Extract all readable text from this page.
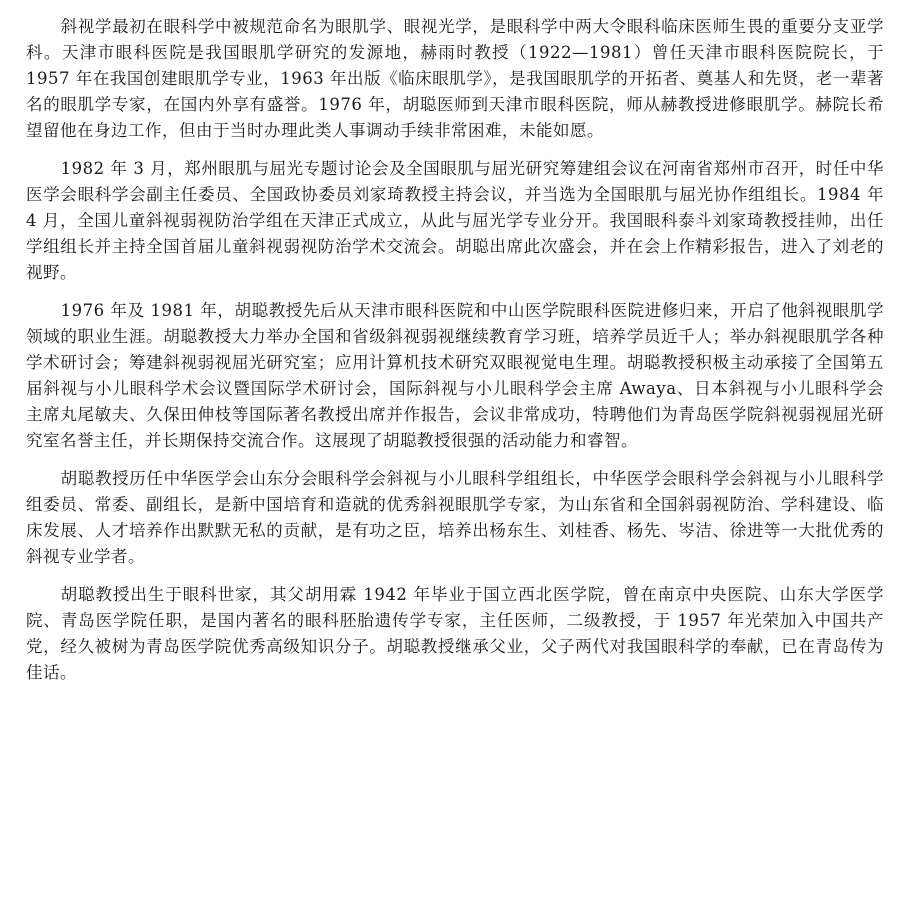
斜视学最初在眼科学中被规范命名为眼肌学、眼视光学，是眼科学中两大令眼科临床医师生畏的重要分支亚学科。天津市眼科医院是我国眼肌学研究的发源地，赫雨时教授（1922—1981）曾任天津市眼科医院院长，于 1957 年在我国创建眼肌学专业，1963 年出版《临床眼肌学》，是我国眼肌学的开拓者、奠基人和先贤，老一辈著名的眼肌学专家，在国内外享有盛誉。1976 年，胡聪医师到天津市眼科医院，师从赫教授进修眼肌学。赫院长希望留他在身边工作，但由于当时办理此类人事调动手续非常困难，未能如愿。

1982 年 3 月，郑州眼肌与屈光专题讨论会及全国眼肌与屈光研究筹建组会议在河南省郑州市召开，时任中华医学会眼科学会副主任委员、全国政协委员刘家琦教授主持会议，并当选为全国眼肌与屈光协作组组长。1984 年 4 月，全国儿童斜视弱视防治学组在天津正式成立，从此与屈光学专业分开。我国眼科泰斗刘家琦教授挂帅，出任学组组长并主持全国首届儿童斜视弱视防治学术交流会。胡聪出席此次盛会，并在会上作精彩报告，进入了刘老的视野。

1976 年及 1981 年，胡聪教授先后从天津市眼科医院和中山医学院眼科医院进修归来，开启了他斜视眼肌学领域的职业生涯。胡聪教授大力举办全国和省级斜视弱视继续教育学习班，培养学员近千人；举办斜视眼肌学各种学术研讨会；筹建斜视弱视屈光研究室；应用计算机技术研究双眼视觉电生理。胡聪教授积极主动承接了全国第五届斜视与小儿眼科学术会议暨国际学术研讨会，国际斜视与小儿眼科学会主席 Awaya、日本斜视与小儿眼科学会主席丸尾敏夫、久保田伸枝等国际著名教授出席并作报告，会议非常成功，特聘他们为青岛医学院斜视弱视屈光研究室名誉主任，并长期保持交流合作。这展现了胡聪教授很强的活动能力和睿智。

胡聪教授历任中华医学会山东分会眼科学会斜视与小儿眼科学组组长，中华医学会眼科学会斜视与小儿眼科学组委员、常委、副组长，是新中国培育和造就的优秀斜视眼肌学专家，为山东省和全国斜弱视防治、学科建设、临床发展、人才培养作出默默无私的贡献，是有功之臣，培养出杨东生、刘桂香、杨先、岑洁、徐进等一大批优秀的斜视专业学者。

胡聪教授出生于眼科世家，其父胡用霖 1942 年毕业于国立西北医学院，曾在南京中央医院、山东大学医学院、青岛医学院任职，是国内著名的眼科胚胎遗传学专家，主任医师，二级教授，于 1957 年光荣加入中国共产党，经久被树为青岛医学院优秀高级知识分子。胡聪教授继承父业，父子两代对我国眼科学的奉献，已在青岛传为佳话。
